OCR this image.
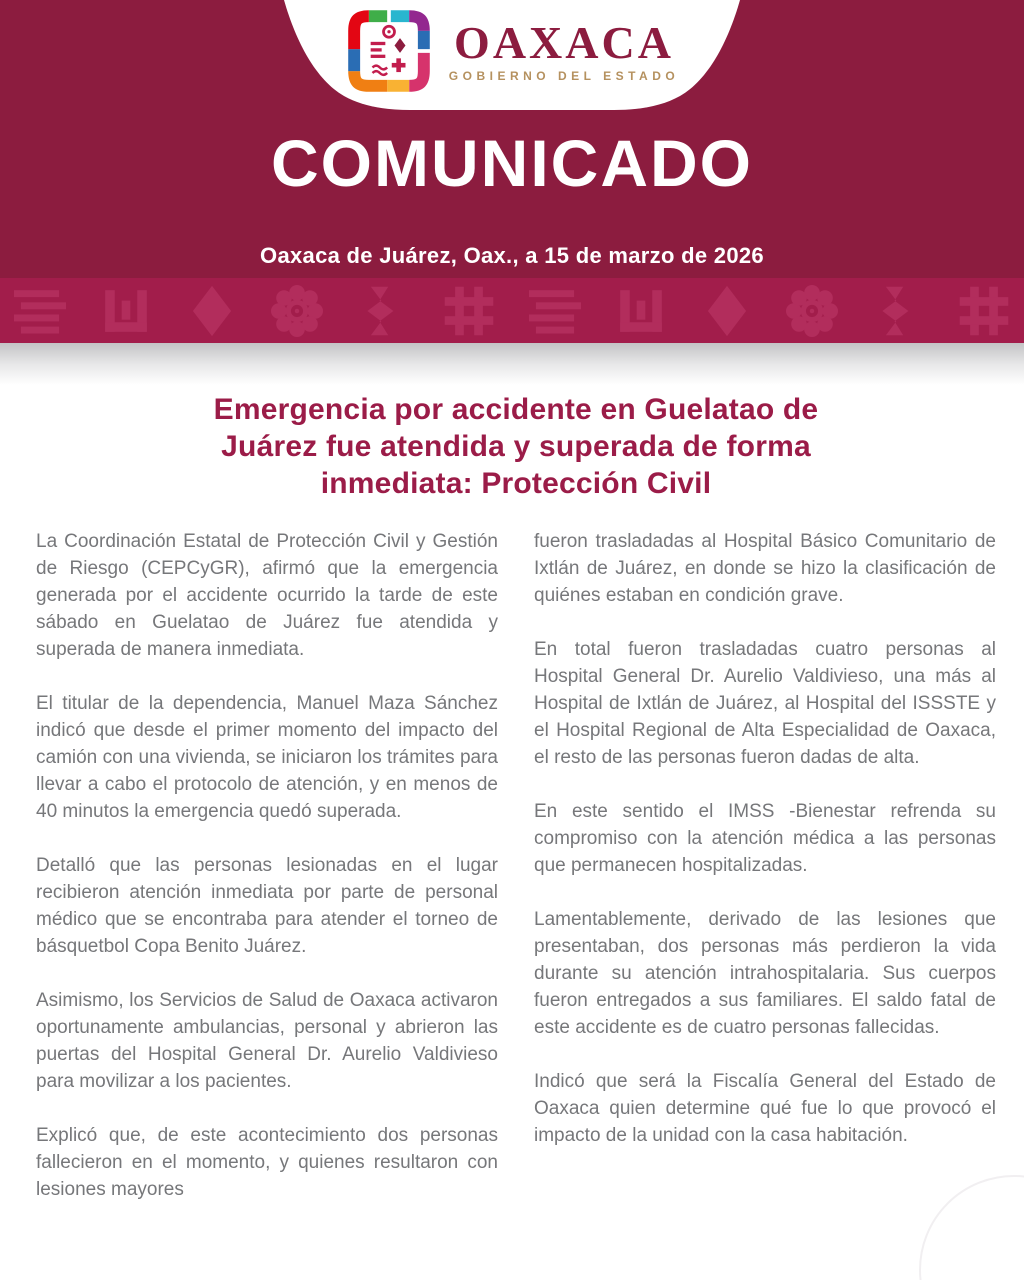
OAXACA
GOBIERNO DEL ESTADO
COMUNICADO
Oaxaca de Juárez, Oax., a 15 de marzo de 2026
Emergencia por accidente en Guelatao de Juárez fue atendida y superada de forma inmediata: Protección Civil

La Coordinación Estatal de Protección Civil y Gestión de Riesgo (CEPCyGR), afirmó que la emergencia generada por el accidente ocurrido la tarde de este sábado en Guelatao de Juárez fue atendida y superada de manera inmediata.

El titular de la dependencia, Manuel Maza Sánchez indicó que desde el primer momento del impacto del camión con una vivienda, se iniciaron los trámites para llevar a cabo el protocolo de atención, y en menos de 40 minutos la emergencia quedó superada.

Detalló que las personas lesionadas en el lugar recibieron atención inmediata por parte de personal médico que se encontraba para atender el torneo de básquetbol Copa Benito Juárez.

Asimismo, los Servicios de Salud de Oaxaca activaron oportunamente ambulancias, personal y abrieron las puertas del Hospital General Dr. Aurelio Valdivieso para movilizar a los pacientes.

Explicó que, de este acontecimiento dos personas fallecieron en el momento, y quienes resultaron con lesiones mayores

fueron trasladadas al Hospital Básico Comunitario de Ixtlán de Juárez, en donde se hizo la clasificación de quiénes estaban en condición grave.

En total fueron trasladadas cuatro personas al Hospital General Dr. Aurelio Valdivieso, una más al Hospital de Ixtlán de Juárez, al Hospital del ISSSTE y el Hospital Regional de Alta Especialidad de Oaxaca, el resto de las personas fueron dadas de alta.

En este sentido el IMSS -Bienestar refrenda su compromiso con la atención médica a las personas que permanecen hospitalizadas.

Lamentablemente, derivado de las lesiones que presentaban, dos personas más perdieron la vida durante su atención intrahospitalaria. Sus cuerpos fueron entregados a sus familiares. El saldo fatal de este accidente es de cuatro personas fallecidas.

Indicó que será la Fiscalía General del Estado de Oaxaca quien determine qué fue lo que provocó el impacto de la unidad con la casa habitación.
